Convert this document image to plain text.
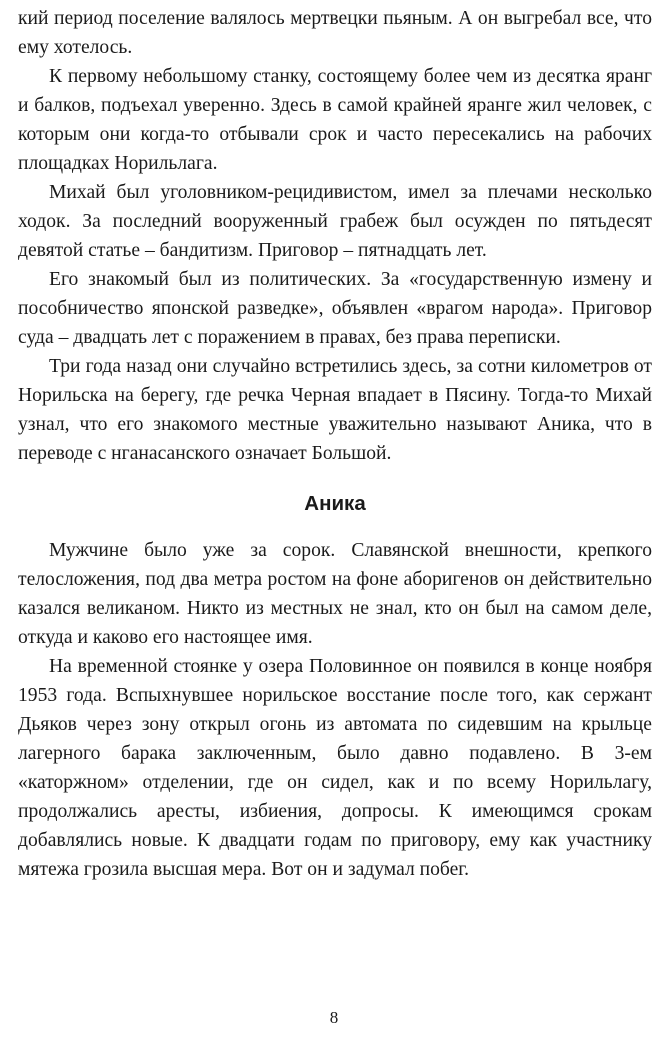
кий период поселение валялось мертвецки пьяным. А он выгребал все, что ему хотелось.

К первому небольшому станку, состоящему более чем из десятка яранг и балков, подъехал уверенно. Здесь в самой крайней яранге жил человек, с которым они когда-то отбывали срок и часто пересекались на рабочих площадках Норильлага.

Михай был уголовником-рецидивистом, имел за плечами несколько ходок. За последний вооруженный грабеж был осужден по пятьдесят девятой статье – бандитизм. Приговор – пятнадцать лет.

Его знакомый был из политических. За «государственную измену и пособничество японской разведке», объявлен «врагом народа». Приговор суда – двадцать лет с поражением в правах, без права переписки.

Три года назад они случайно встретились здесь, за сотни километров от Норильска на берегу, где речка Черная впадает в Пясину. Тогда-то Михай узнал, что его знакомого местные уважительно называют Аника, что в переводе с нганасанского означает Большой.

Аника

Мужчине было уже за сорок. Славянской внешности, крепкого телосложения, под два метра ростом на фоне аборигенов он действительно казался великаном. Никто из местных не знал, кто он был на самом деле, откуда и каково его настоящее имя.

На временной стоянке у озера Половинное он появился в конце ноября 1953 года. Вспыхнувшее норильское восстание после того, как сержант Дьяков через зону открыл огонь из автомата по сидевшим на крыльце лагерного барака заключенным, было давно подавлено. В 3-ем «каторжном» отделении, где он сидел, как и по всему Норильлагу, продолжались аресты, избиения, допросы. К имеющимся срокам добавлялись новые. К двадцати годам по приговору, ему как участнику мятежа грозила высшая мера. Вот он и задумал побег.

8
